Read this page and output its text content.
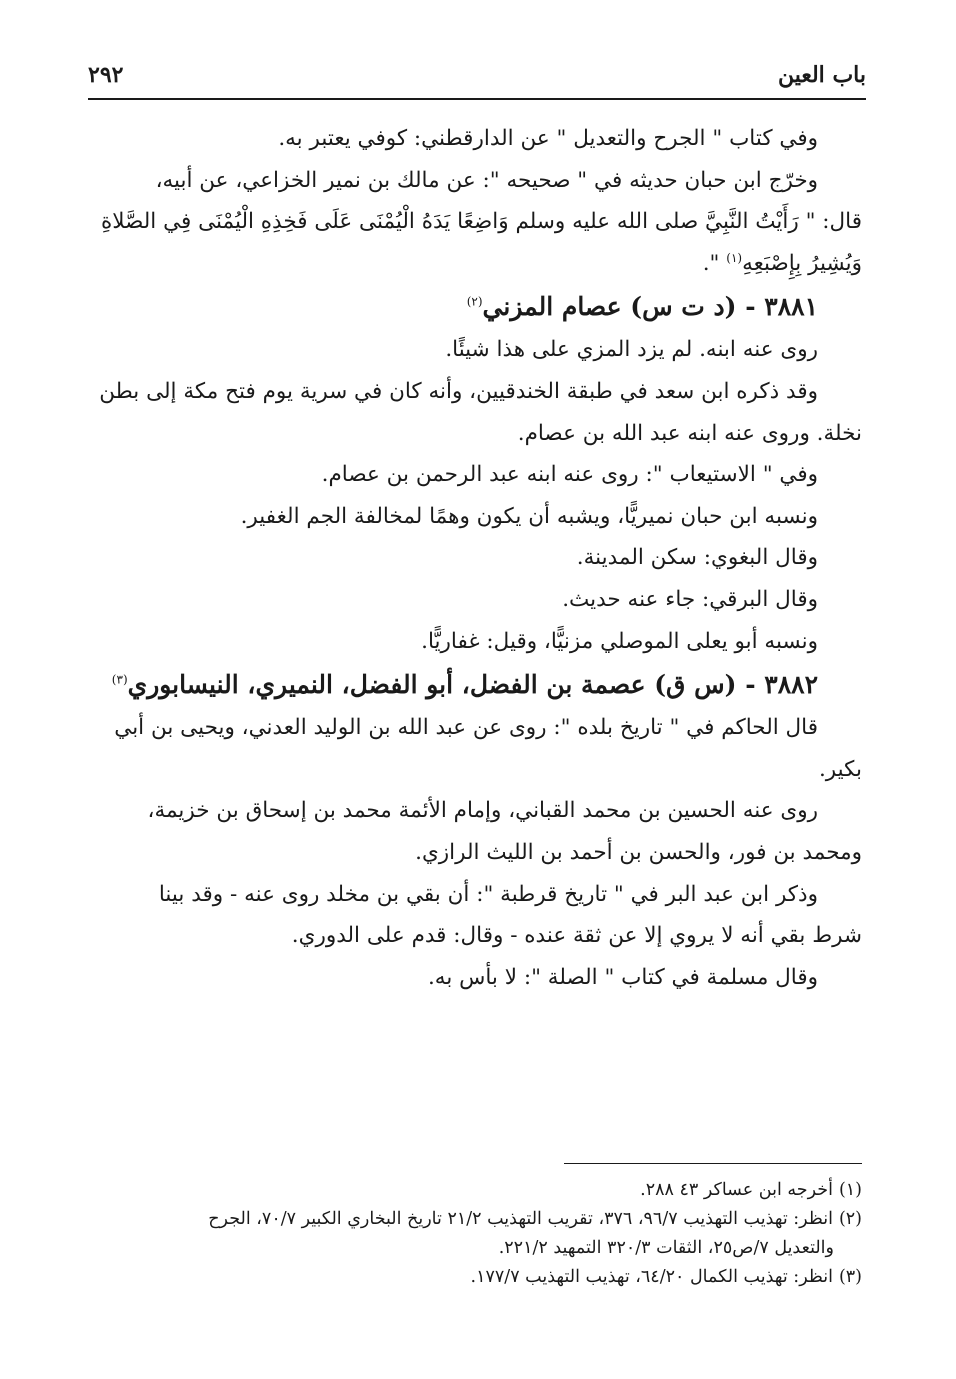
باب العين
٢٩٢

وفي كتاب " الجرح والتعديل " عن الدارقطني: كوفي يعتبر به.

وخرّج ابن حبان حديثه في " صحيحه ": عن مالك بن نمير الخزاعي، عن أبيه،

قال: " رَأَيْتُ النَّبِيَّ صلى الله عليه وسلم وَاضِعًا يَدَهُ الْيُمْنَى عَلَى فَخِذِهِ الْيُمْنَى فِي الصَّلاةِ

وَيُشِيرُ بِإِصْبَعِهِ$^{(١)}$ ".

٣٨٨١ - (د ت س) عصام المزني$^{(٢)}$

روى عنه ابنه. لم يزد المزي على هذا شيئًا.

وقد ذكره ابن سعد في طبقة الخندقيين، وأنه كان في سرية يوم فتح مكة إلى بطن

نخلة. وروى عنه ابنه عبد الله بن عصام.

وفي " الاستيعاب ": روى عنه ابنه عبد الرحمن بن عصام.

ونسبه ابن حبان نميريًّا، ويشبه أن يكون وهمًا لمخالفة الجم الغفير.

وقال البغوي: سكن المدينة.

وقال البرقي: جاء عنه حديث.

ونسبه أبو يعلى الموصلي مزنيًّا، وقيل: غفاريًّا.

٣٨٨٢ - (س ق) عصمة بن الفضل، أبو الفضل، النميري، النيسابوري$^{(٣)}$

قال الحاكم في " تاريخ بلده ": روى عن عبد الله بن الوليد العدني، ويحيى بن أبي

بكير.

روى عنه الحسين بن محمد القباني، وإمام الأئمة محمد بن إسحاق بن خزيمة،

ومحمد بن فور، والحسن بن أحمد بن الليث الرازي.

وذكر ابن عبد البر في " تاريخ قرطبة ": أن بقي بن مخلد روى عنه - وقد بينا

شرط بقي أنه لا يروي إلا عن ثقة عنده - وقال: قدم على الدوري.

وقال مسلمة في كتاب " الصلة ": لا بأس به.

(١)أخرجه ابن عساكر ٤٣ ٢٨٨.

(٢)انظر: تهذيب التهذيب ٩٦/٧، ٣٧٦، تقريب التهذيب ٢١/٢ تاريخ البخاري الكبير ٧٠/٧، الجرح

والتعديل ٧/ص٢٥، الثقات ٣٢٠/٣ التمهيد ٢٢١/٢.

(٣)انظر: تهذيب الكمال ٦٤/٢٠، تهذيب التهذيب ١٧٧/٧.
